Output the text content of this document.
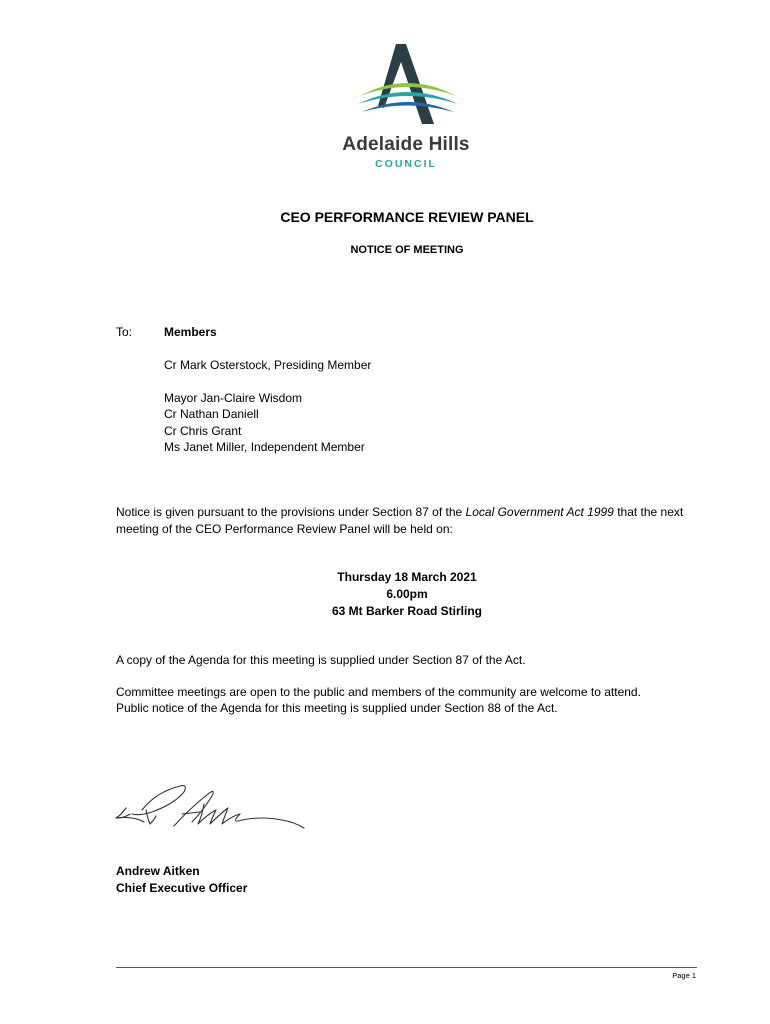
Adelaide Hills
COUNCIL
CEO PERFORMANCE REVIEW PANEL
NOTICE OF MEETING
To:	Members
Cr Mark Osterstock, Presiding Member
Mayor Jan-Claire Wisdom
Cr Nathan Daniell
Cr Chris Grant
Ms Janet Miller, Independent Member
Notice is given pursuant to the provisions under Section 87 of the Local Government Act 1999 that the next meeting of the CEO Performance Review Panel will be held on:
Thursday 18 March 2021
6.00pm
63 Mt Barker Road Stirling
A copy of the Agenda for this meeting is supplied under Section 87 of the Act.
Committee meetings are open to the public and members of the community are welcome to attend.
Public notice of the Agenda for this meeting is supplied under Section 88 of the Act.
Andrew Aitken
Chief Executive Officer
Page 1
